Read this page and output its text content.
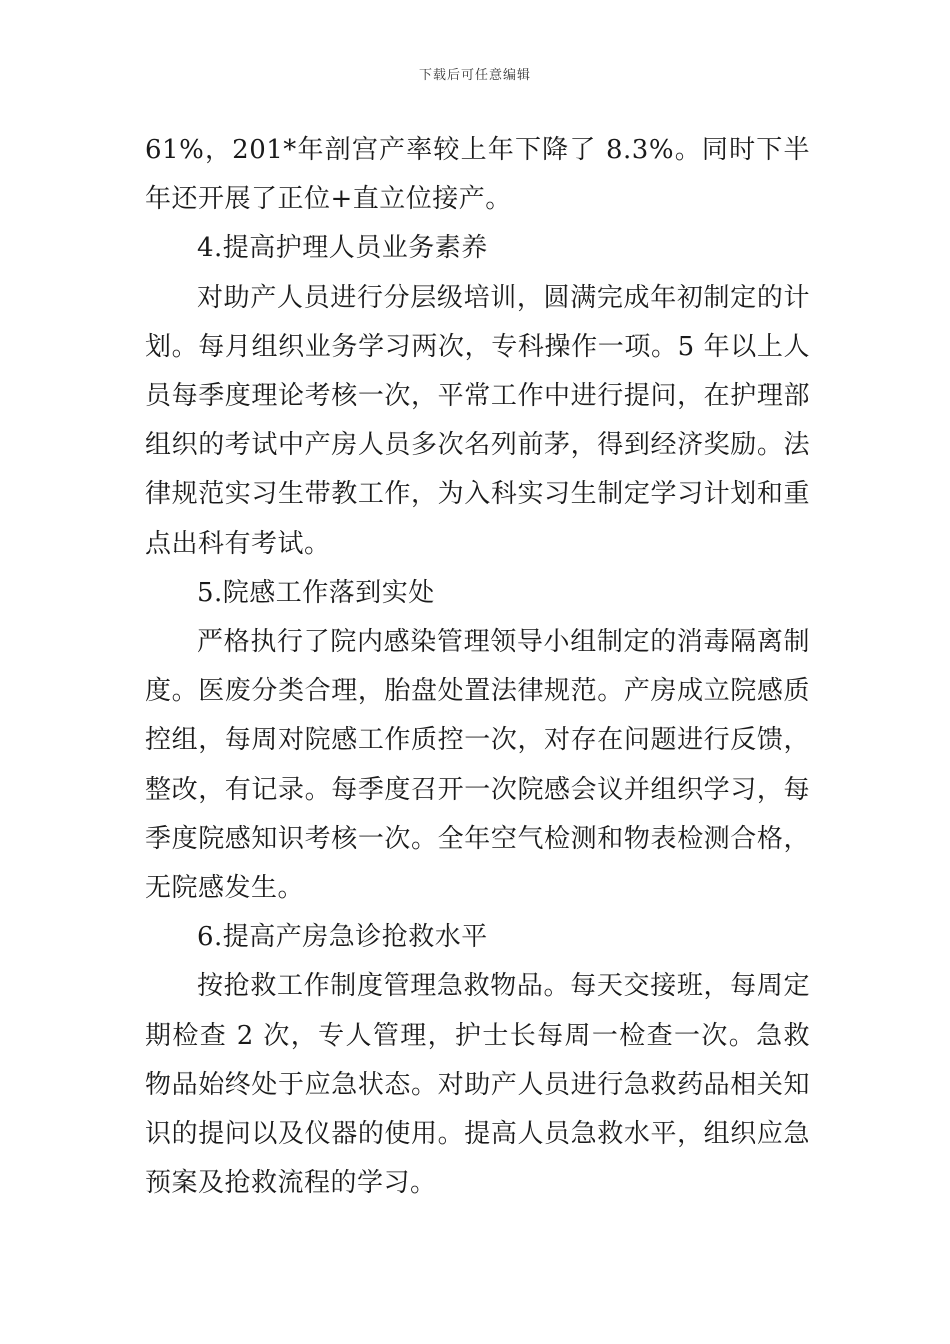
下载后可任意编辑

61%，201*年剖宫产率较上年下降了 8.3%。同时下半年还开展了正位+直立位接产。

4.提高护理人员业务素养

对助产人员进行分层级培训，圆满完成年初制定的计划。每月组织业务学习两次，专科操作一项。5 年以上人员每季度理论考核一次，平常工作中进行提问，在护理部组织的考试中产房人员多次名列前茅，得到经济奖励。法律规范实习生带教工作，为入科实习生制定学习计划和重点出科有考试。

5.院感工作落到实处

严格执行了院内感染管理领导小组制定的消毒隔离制度。医废分类合理，胎盘处置法律规范。产房成立院感质控组，每周对院感工作质控一次，对存在问题进行反馈，整改，有记录。每季度召开一次院感会议并组织学习，每季度院感知识考核一次。全年空气检测和物表检测合格，无院感发生。

6.提高产房急诊抢救水平

按抢救工作制度管理急救物品。每天交接班，每周定期检查 2 次，专人管理，护士长每周一检查一次。急救物品始终处于应急状态。对助产人员进行急救药品相关知识的提问以及仪器的使用。提高人员急救水平，组织应急预案及抢救流程的学习。
